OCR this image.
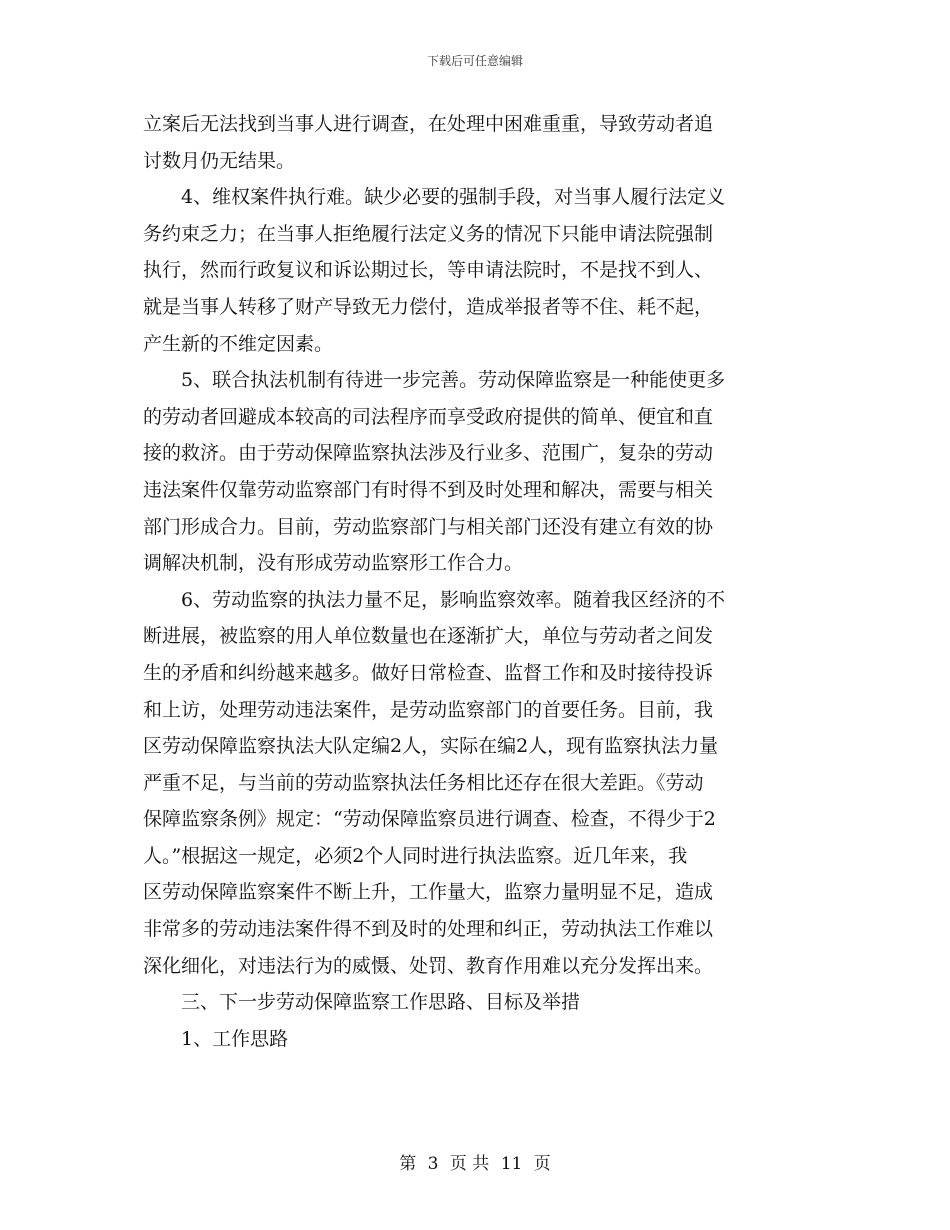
下载后可任意编辑
立案后无法找到当事人进行调查，在处理中困难重重，导致劳动者追
讨数月仍无结果。
4、维权案件执行难。缺少必要的强制手段，对当事人履行法定义
务约束乏力；在当事人拒绝履行法定义务的情况下只能申请法院强制
执行，然而行政复议和诉讼期过长，等申请法院时，不是找不到人、
就是当事人转移了财产导致无力偿付，造成举报者等不住、耗不起，
产生新的不维定因素。
5、联合执法机制有待进一步完善。劳动保障监察是一种能使更多
的劳动者回避成本较高的司法程序而享受政府提供的简单、便宜和直
接的救济。由于劳动保障监察执法涉及行业多、范围广，复杂的劳动
违法案件仅靠劳动监察部门有时得不到及时处理和解决，需要与相关
部门形成合力。目前，劳动监察部门与相关部门还没有建立有效的协
调解决机制，没有形成劳动监察形工作合力。
6、劳动监察的执法力量不足，影响监察效率。随着我区经济的不
断进展，被监察的用人单位数量也在逐渐扩大，单位与劳动者之间发
生的矛盾和纠纷越来越多。做好日常检查、监督工作和及时接待投诉
和上访，处理劳动违法案件，是劳动监察部门的首要任务。目前，我
区劳动保障监察执法大队定编2人，实际在编2人，现有监察执法力量
严重不足，与当前的劳动监察执法任务相比还存在很大差距。《劳动
保障监察条例》规定：“劳动保障监察员进行调查、检查，不得少于2
人。”根据这一规定，必须2个人同时进行执法监察。近几年来，我
区劳动保障监察案件不断上升，工作量大，监察力量明显不足，造成
非常多的劳动违法案件得不到及时的处理和纠正，劳动执法工作难以
深化细化，对违法行为的威慑、处罚、教育作用难以充分发挥出来。
三、下一步劳动保障监察工作思路、目标及举措
1、工作思路
第 3 页 共 11 页
